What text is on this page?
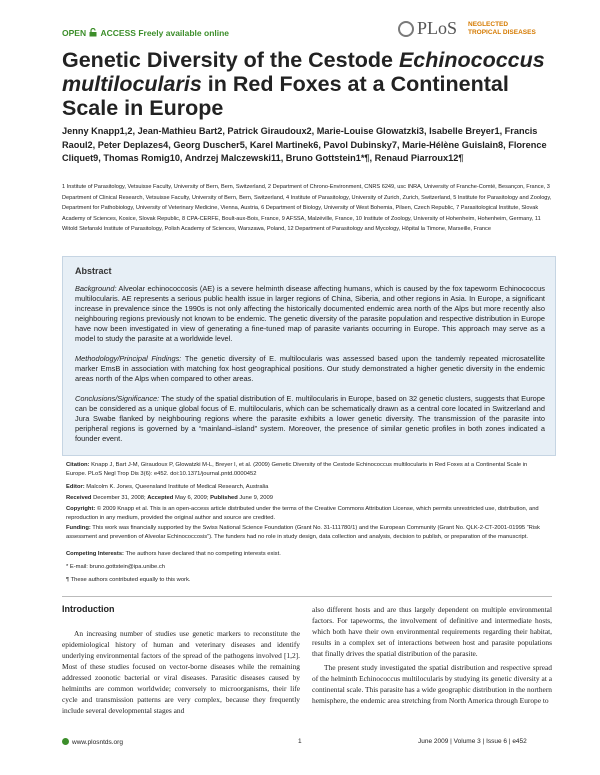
OPEN ACCESS Freely available online	PLoS NEGLECTED
TROPICAL DISEASES
Genetic Diversity of the Cestode Echinococcus multilocularis in Red Foxes at a Continental Scale in Europe
Jenny Knapp1,2, Jean-Mathieu Bart2, Patrick Giraudoux2, Marie-Louise Glowatzki3, Isabelle Breyer1, Francis Raoul2, Peter Deplazes4, Georg Duscher5, Karel Martinek6, Pavol Dubinsky7, Marie-Hélène Guislain8, Florence Cliquet9, Thomas Romig10, Andrzej Malczewski11, Bruno Gottstein1*¶, Renaud Piarroux12¶
1 Institute of Parasitology, Vetsuisse Faculty, University of Bern, Bern, Switzerland, 2 Department of Chrono-Environment, CNRS 6249, usc INRA, University of Franche-Comté, Besançon, France, 3 Department of Clinical Research, Vetsuisse Faculty, University of Bern, Bern, Switzerland, 4 Institute of Parasitology, University of Zurich, Zurich, Switzerland, 5 Institute for Parasitology and Zoology, Department for Pathobiology, University of Veterinary Medicine, Vienna, Austria, 6 Department of Biology, University of West Bohemia, Pilsen, Czech Republic, 7 Parasitological Institute, Slovak Academy of Sciences, Kosice, Slovak Republic, 8 CPA-CERFE, Boult-aux-Bois, France, 9 AFSSA, Malzéville, France, 10 Institute of Zoology, University of Hohenheim, Hohenheim, Germany, 11 Witold Stefanski Institute of Parasitology, Polish Academy of Sciences, Warszawa, Poland, 12 Department of Parasitology and Mycology, Hôpital la Timone, Marseille, France
Abstract
Background: Alveolar echinococcosis (AE) is a severe helminth disease affecting humans, which is caused by the fox tapeworm Echinococcus multilocularis. AE represents a serious public health issue in larger regions of China, Siberia, and other regions in Asia. In Europe, a significant increase in prevalence since the 1990s is not only affecting the historically documented endemic area north of the Alps but more recently also neighbouring regions previously not known to be endemic. The genetic diversity of the parasite population and respective distribution in Europe have now been investigated in view of generating a fine-tuned map of parasite variants occurring in Europe. This approach may serve as a model to study the parasite at a worldwide level.
Methodology/Principal Findings: The genetic diversity of E. multilocularis was assessed based upon the tandemly repeated microsatellite marker EmsB in association with matching fox host geographical positions. Our study demonstrated a higher genetic diversity in the endemic areas north of the Alps when compared to other areas.
Conclusions/Significance: The study of the spatial distribution of E. multilocularis in Europe, based on 32 genetic clusters, suggests that Europe can be considered as a unique global focus of E. multilocularis, which can be schematically drawn as a central core located in Switzerland and Jura Swabe flanked by neighbouring regions where the parasite exhibits a lower genetic diversity. The transmission of the parasite into peripheral regions is governed by a “mainland–island” system. Moreover, the presence of similar genetic profiles in both zones indicated a founder event.
Citation: Knapp J, Bart J-M, Giraudoux P, Glowatzki M-L, Breyer I, et al. (2009) Genetic Diversity of the Cestode Echinococcus multilocularis in Red Foxes at a Continental Scale in Europe. PLoS Negl Trop Dis 3(6): e452. doi:10.1371/journal.pntd.0000452
Editor: Malcolm K. Jones, Queensland Institute of Medical Research, Australia
Received December 31, 2008; Accepted May 6, 2009; Published June 9, 2009
Copyright: © 2009 Knapp et al. This is an open-access article distributed under the terms of the Creative Commons Attribution License, which permits unrestricted use, distribution, and reproduction in any medium, provided the original author and source are credited.
Funding: This work was financially supported by the Swiss National Science Foundation (Grant No. 31-111780/1) and the European Community (Grant No. QLK-2-CT-2001-01995 “Risk assessment and prevention of Alveolar Echinococcosis”). The funders had no role in study design, data collection and analysis, decision to publish, or preparation of the manuscript.
Competing Interests: The authors have declared that no competing interests exist.
* E-mail: bruno.gottstein@ipa.unibe.ch
¶ These authors contributed equally to this work.
Introduction

An increasing number of studies use genetic markers to reconstitute the epidemiological history of human and veterinary diseases and identify underlying environmental factors of the spread of the pathogens involved [1,2]. Most of these studies focused on vector-borne diseases while the remaining addressed zoonotic bacterial or viral diseases. Parasitic diseases caused by helminths are common worldwide; conversely to microorganisms, their life cycle and transmission patterns are very complex, because they frequently include several developmental stages and

also different hosts and are thus largely dependent on multiple environmental factors. For tapeworms, the involvement of definitive and intermediate hosts, which both have their own environmental requirements regarding their habitat, results in a complex set of interactions between host and parasite populations that finally drives the spatial distribution of the parasite.

The present study investigated the spatial distribution and respective spread of the helminth Echinococcus multilocularis by studying its genetic diversity at a continental scale. This parasite has a wide geographic distribution in the northern hemisphere, the endemic area stretching from North America through Europe to

www.plosntds.org	1	June 2009 | Volume 3 | Issue 6 | e452
